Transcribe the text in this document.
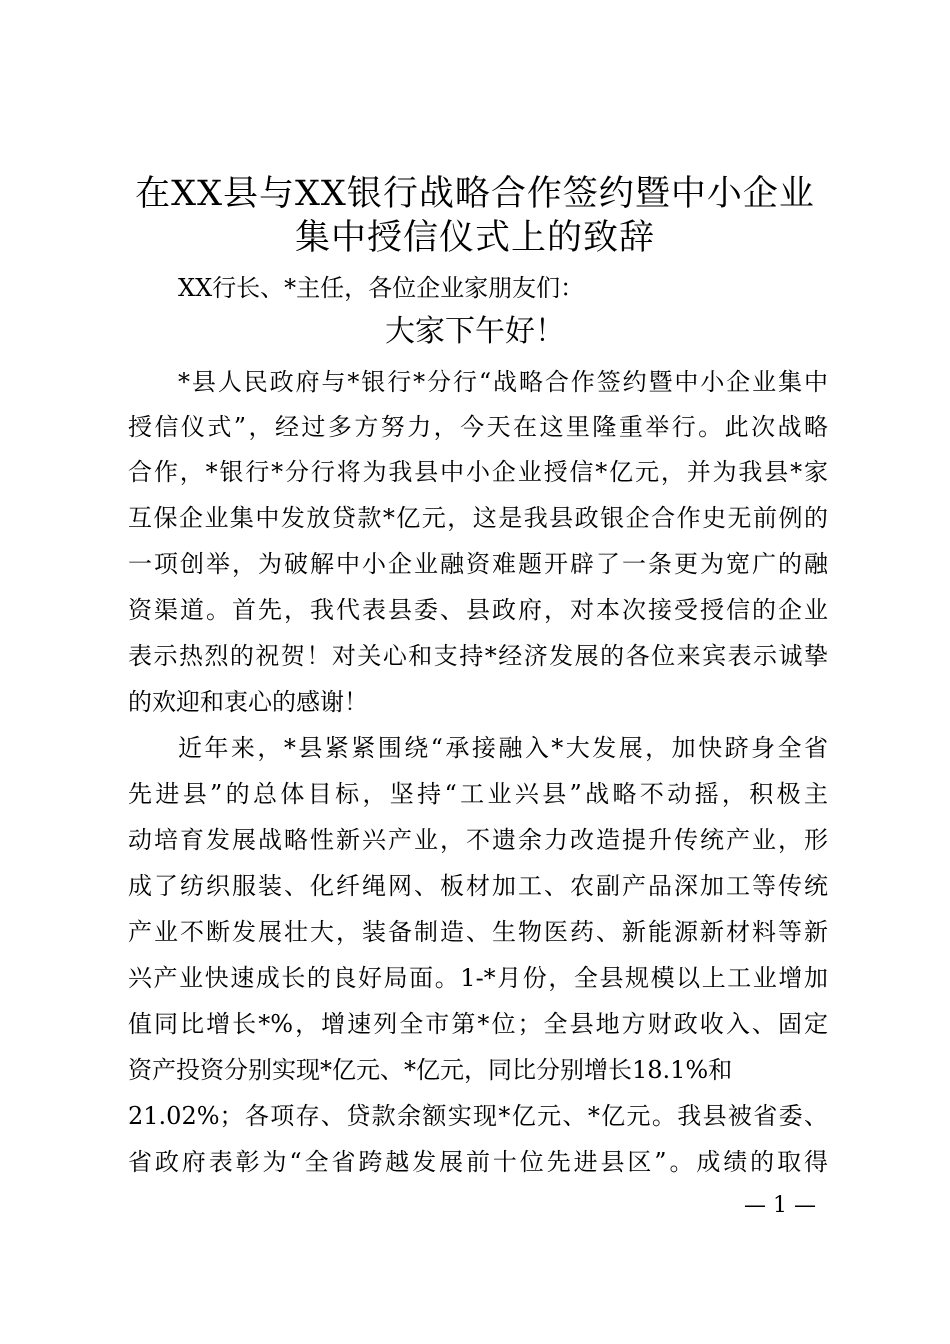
在XX县与XX银行战略合作签约暨中小企业
集中授信仪式上的致辞
XX行长、*主任，各位企业家朋友们：
大家下午好！
*县人民政府与*银行*分行“战略合作签约暨中小企业集中
授信仪式”，经过多方努力，今天在这里隆重举行。此次战略
合作，*银行*分行将为我县中小企业授信*亿元，并为我县*家
互保企业集中发放贷款*亿元，这是我县政银企合作史无前例的
一项创举，为破解中小企业融资难题开辟了一条更为宽广的融
资渠道。首先，我代表县委、县政府，对本次接受授信的企业
表示热烈的祝贺！对关心和支持*经济发展的各位来宾表示诚挚
的欢迎和衷心的感谢！
近年来，*县紧紧围绕“承接融入*大发展，加快跻身全省
先进县”的总体目标，坚持“工业兴县”战略不动摇，积极主
动培育发展战略性新兴产业，不遗余力改造提升传统产业，形
成了纺织服装、化纤绳网、板材加工、农副产品深加工等传统
产业不断发展壮大，装备制造、生物医药、新能源新材料等新
兴产业快速成长的良好局面。1-*月份，全县规模以上工业增加
值同比增长*%，增速列全市第*位；全县地方财政收入、固定
资产投资分别实现*亿元、*亿元，同比分别增长18.1%和
21.02%；各项存、贷款余额实现*亿元、*亿元。我县被省委、
省政府表彰为“全省跨越发展前十位先进县区”。成绩的取得
— 1 —
